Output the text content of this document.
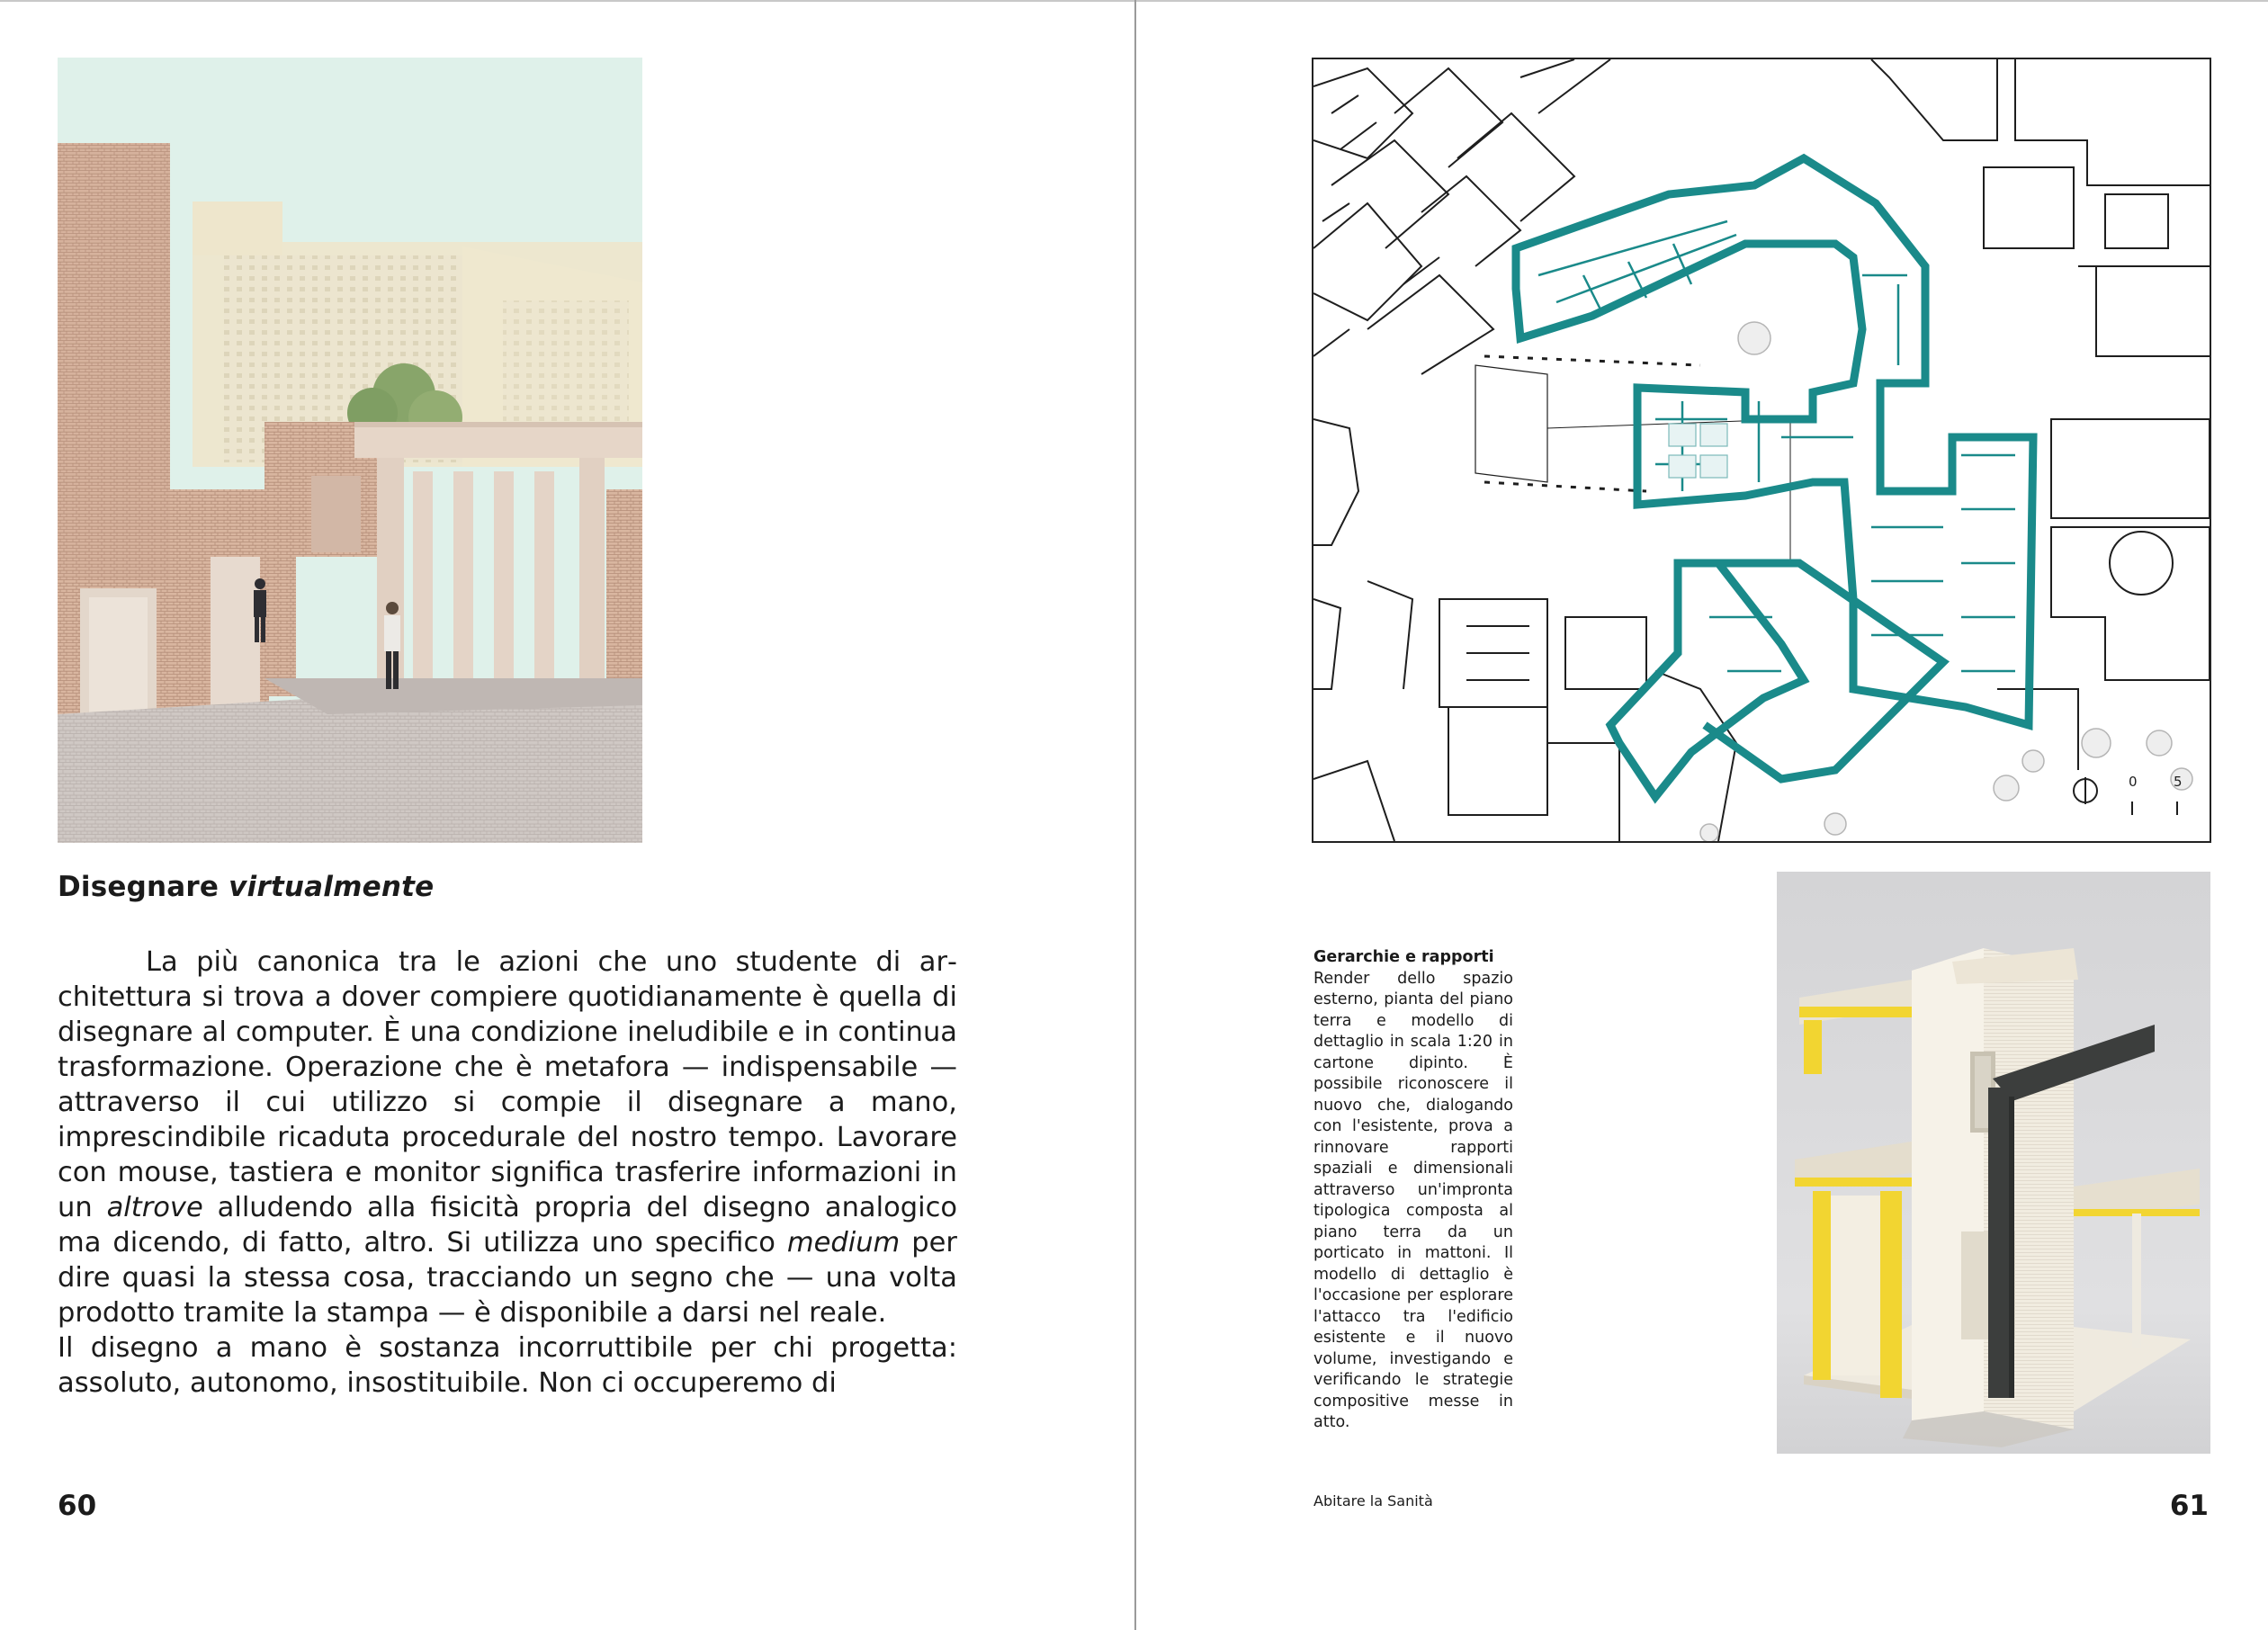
Disegnare virtualmente

La più canonica tra le azioni che uno studente di architettura si trova a dover compiere quotidianamente è quella di disegnare al computer. È una condizione ineludibile e in continua trasformazione. Operazione che è metafora — indispensabile — attraverso il cui utilizzo si compie il disegnare a mano, imprescindibile ricaduta procedurale del nostro tempo. Lavorare con mouse, tastiera e monitor significa trasferire informazioni in un altrove alludendo alla fisicità propria del disegno analogico ma dicendo, di fatto, altro. Si utilizza uno specifico medium per dire quasi la stessa cosa, tracciando un segno che — una volta prodotto tramite la stampa — è disponibile a darsi nel reale.

Il disegno a mano è sostanza incorruttibile per chi progetta: assoluto, autonomo, insostituibile. Non ci occuperemo di

60
0	5
Gerarchie e rapporti
Render dello spazio esterno, pianta del piano terra e modello di dettaglio in scala 1:20 in cartone dipinto. È possibile riconoscere il nuovo che, dialogando con l'esistente, prova a rinnovare rapporti spaziali e dimensionali attraverso un'impronta tipologica composta al piano terra da un porticato in mattoni. Il modello di dettaglio è l'occasione per esplorare l'attacco tra l'edificio esistente e il nuovo volume, investigando e verificando le strategie compositive messe in atto.
Abitare la Sanità	61
